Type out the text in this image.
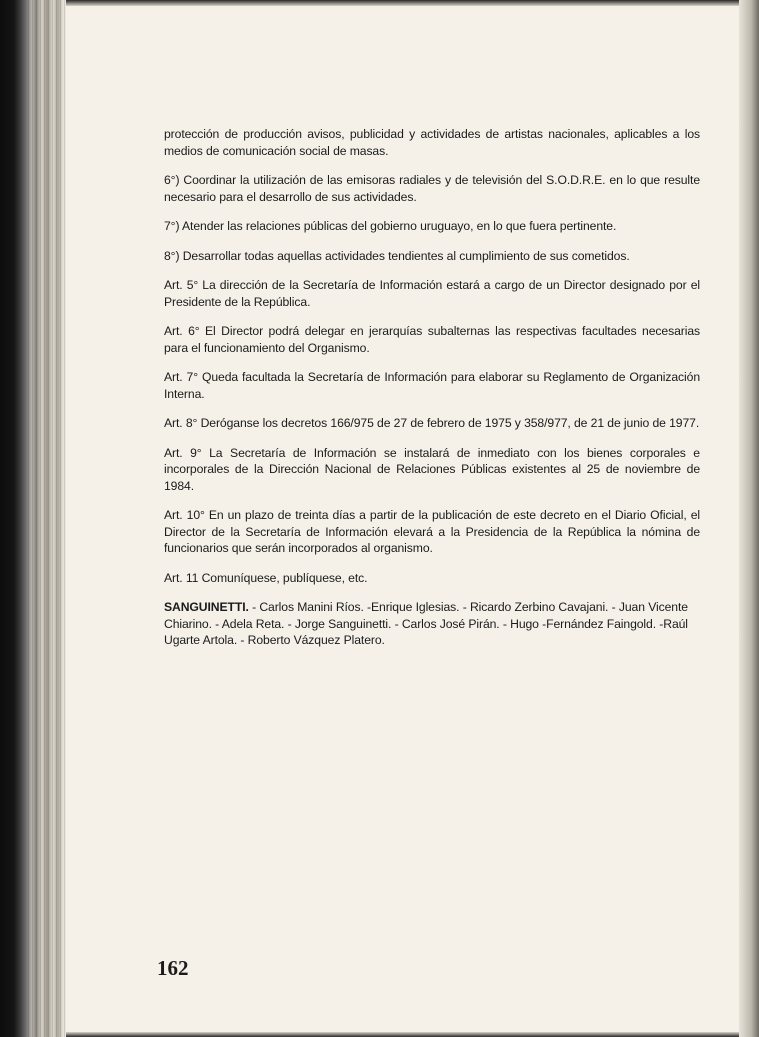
protección de producción avisos, publicidad y actividades de artistas nacionales, aplicables a los medios de comunicación social de masas.

6°) Coordinar la utilización de las emisoras radiales y de televisión del S.O.D.R.E. en lo que resulte necesario para el desarrollo de sus actividades.

7°) Atender las relaciones públicas del gobierno uruguayo, en lo que fuera pertinente.

8°) Desarrollar todas aquellas actividades tendientes al cumplimiento de sus cometidos.

Art. 5° La dirección de la Secretaría de Información estará a cargo de un Director designado por el Presidente de la República.

Art. 6° El Director podrá delegar en jerarquías subalternas las respectivas facultades necesarias para el funcionamiento del Organismo.

Art. 7° Queda facultada la Secretaría de Información para elaborar su Reglamento de Organización Interna.

Art. 8° Deróganse los decretos 166/975 de 27 de febrero de 1975 y 358/977, de 21 de junio de 1977.

Art. 9° La Secretaría de Información se instalará de inmediato con los bienes corporales e incorporales de la Dirección Nacional de Relaciones Públicas existentes al 25 de noviembre de 1984.

Art. 10° En un plazo de treinta días a partir de la publicación de este decreto en el Diario Oficial, el Director de la Secretaría de Información elevará a la Presidencia de la República la nómina de funcionarios que serán incorporados al organismo.

Art. 11 Comuníquese, publíquese, etc.

SANGUINETTI. - Carlos Manini Ríos. -Enrique Iglesias. - Ricardo Zerbino Cavajani. - Juan Vicente Chiarino. - Adela Reta. - Jorge Sanguinetti. - Carlos José Pirán. - Hugo -Fernández Faingold. -Raúl Ugarte Artola. - Roberto Vázquez Platero.

162
